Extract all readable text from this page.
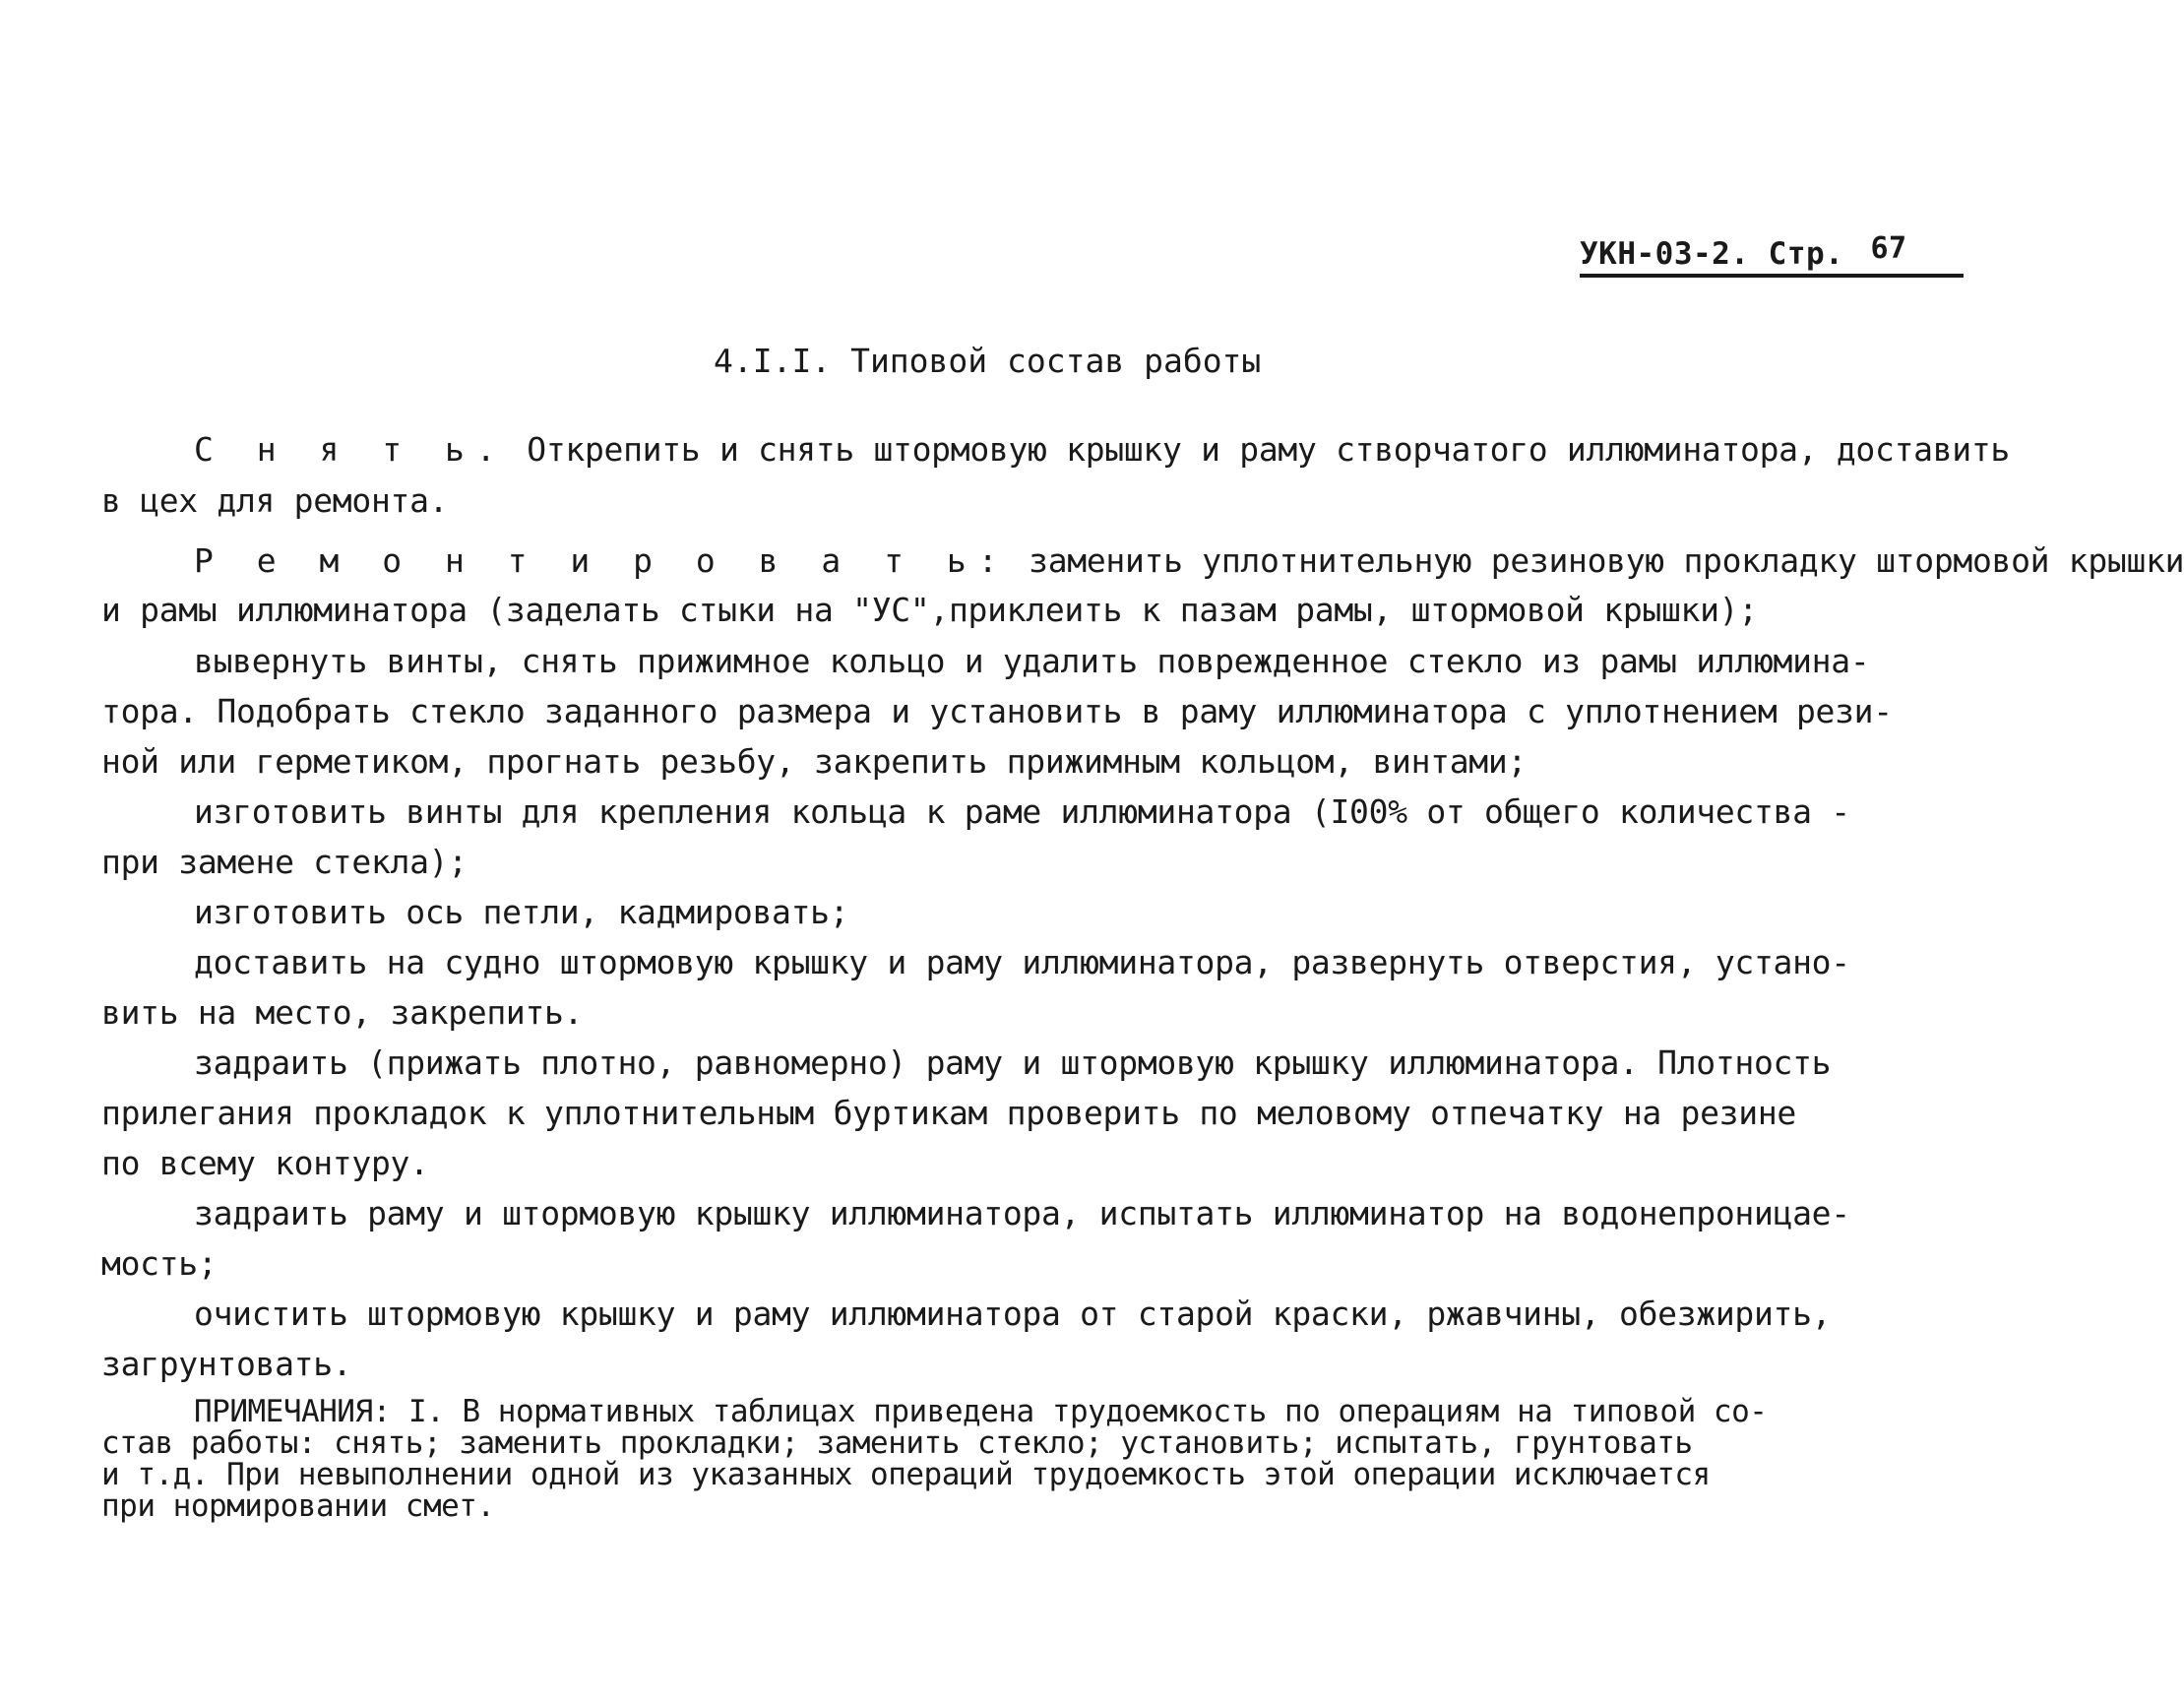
УКН-03-2. Стр. 67
4.I.I. Типовой состав работы
С н я т ь. Открепить и снять штормовую крышку и раму створчатого иллюминатора, доставить
в цех для ремонта.
Р е м о н т и р о в а т ь: заменить уплотнительную резиновую прокладку штормовой крышки
и рамы иллюминатора (заделать стыки на "УС",приклеить к пазам рамы, штормовой крышки);
вывернуть винты, снять прижимное кольцо и удалить поврежденное стекло из рамы иллюмина-
тора. Подобрать стекло заданного размера и установить в раму иллюминатора с уплотнением рези-
ной или герметиком, прогнать резьбу, закрепить прижимным кольцом, винтами;
изготовить винты для крепления кольца к раме иллюминатора (I00% от общего количества -
при замене стекла);
изготовить ось петли, кадмировать;
доставить на судно штормовую крышку и раму иллюминатора, развернуть отверстия, устано-
вить на место, закрепить.
задраить (прижать плотно, равномерно) раму и штормовую крышку иллюминатора. Плотность
прилегания прокладок к уплотнительным буртикам проверить по меловому отпечатку на резине
по всему контуру.
задраить раму и штормовую крышку иллюминатора, испытать иллюминатор на водонепроницае-
мость;
очистить штормовую крышку и раму иллюминатора от старой краски, ржавчины, обезжирить,
загрунтовать.
ПРИМЕЧАНИЯ: I. В нормативных таблицах приведена трудоемкость по операциям на типовой со-
став работы: снять; заменить прокладки; заменить стекло; установить; испытать, грунтовать
и т.д. При невыполнении одной из указанных операций трудоемкость этой операции исключается
при нормировании смет.
